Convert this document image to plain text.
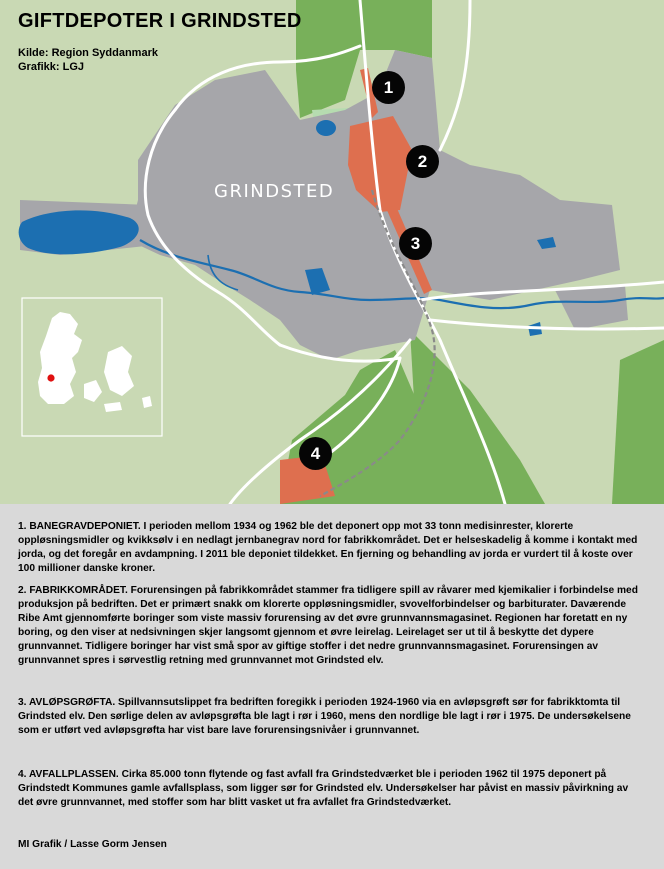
GIFTDEPOTER I GRINDSTED
Kilde: Region Syddanmark
Grafikk: LGJ
GRINDSTED
1
2
3
4

1. BANEGRAVDEPONIET. I perioden mellom 1934 og 1962 ble det deponert opp mot 33 tonn medisinrester, klorerte oppløsningsmidler og kvikksølv i en nedlagt jernbanegrav nord for fabrikkområdet. Det er helseskadelig å komme i kontakt med jorda, og det foregår en avdampning. I 2011 ble deponiet tildekket. En fjerning og behandling av jorda er vurdert til å koste over 100 millioner danske kroner.

2. FABRIKKOMRÅDET. Forurensingen på fabrikkområdet stammer fra tidligere spill av råvarer med kjemikalier i forbindelse med produksjon på bedriften. Det er primært snakk om klorerte oppløsningsmidler, svovelforbindelser og barbiturater. Daværende Ribe Amt gjennomførte boringer som viste massiv forurensing av det øvre grunnvannsmagasinet. Regionen har foretatt en ny boring, og den viser at nedsivningen skjer langsomt gjennom et øvre leirelag. Leirelaget ser ut til å beskytte det dypere grunnvannet. Tidligere boringer har vist små spor av giftige stoffer i det nedre grunnvannsmagasinet. Forurensingen av grunnvannet spres i sørvestlig retning med grunnvannet mot Grindsted elv.

3. AVLØPSGRØFTA. Spillvannsutslippet fra bedriften foregikk i perioden 1924-1960 via en avløpsgrøft sør for fabrikktomta til Grindsted elv. Den sørlige delen av avløpsgrøfta ble lagt i rør i 1960, mens den nordlige ble lagt i rør i 1975. De undersøkelsene som er utført ved avløpsgrøfta har vist bare lave forurensingsnivåer i grunnvannet.

4. AVFALLPLASSEN. Cirka 85.000 tonn flytende og fast avfall fra Grindstedværket ble i perioden 1962 til 1975 deponert på Grindstedt Kommunes gamle avfallsplass, som ligger sør for Grindsted elv. Undersøkelser har påvist en massiv påvirkning av det øvre grunnvannet, med stoffer som har blitt vasket ut fra avfallet fra Grindstedværket.

MI Grafik / Lasse Gorm Jensen
